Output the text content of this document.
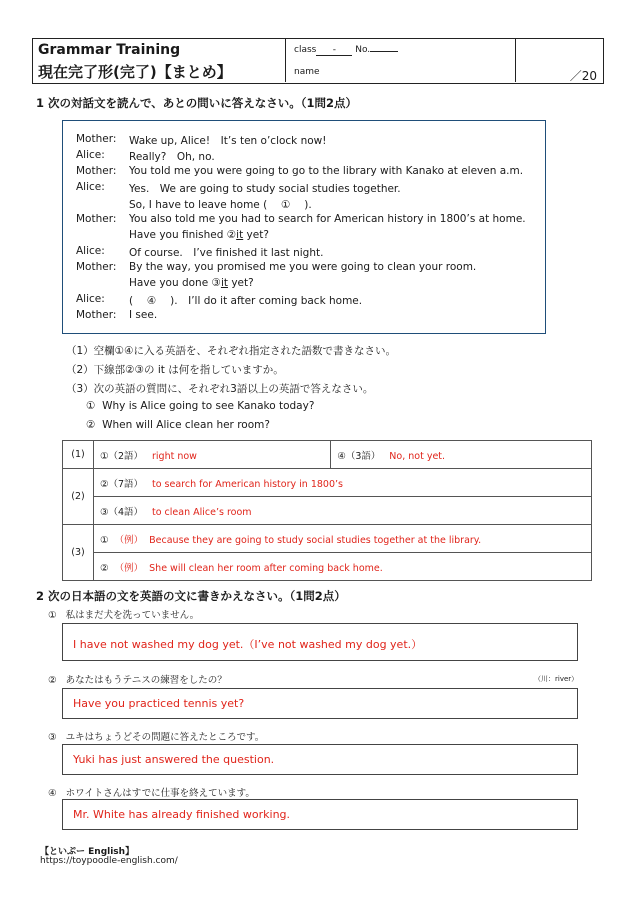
Grammar Training
現在完了形(完了)【まとめ】
class - No.
name	／20
1 次の対話文を読んで、あとの問いに答えなさい。（1問2点）
Mother: Wake up, Alice!　It’s ten o’clock now!
Alice: Really?　Oh, no.
Mother: You told me you were going to go to the library with Kanako at eleven a.m.
Alice: Yes.　We are going to study social studies together.
So, I have to leave home (　 ①　 ).
Mother: You also told me you had to search for American history in 1800’s at home.
Have you finished ②it yet?
Alice: Of course.　I’ve finished it last night.
Mother: By the way, you promised me you were going to clean your room.
Have you done ③it yet?
Alice: (　 ④　 ).　I’ll do it after coming back home.
Mother: I see.
（1）空欄①④に入る英語を、それぞれ指定された語数で書きなさい。
（2）下線部②③の it は何を指していますか。
（3）次の英語の質問に、それぞれ3語以上の英語で答えなさい。
① Why is Alice going to see Kanako today?
② When will Alice clean her room?
(1)	①（2語） right now	④（3語） No, not yet.
(2)	②（7語） to search for American history in 1800’s	
	③（4語） to clean Alice’s room	
(3)	① （例） Because they are going to study social studies together at the library.	
	② （例） She will clean her room after coming back home.	
2 次の日本語の文を英語の文に書きかえなさい。（1問2点）
① 私はまだ犬を洗っていません。
I have not washed my dog yet.（I’ve not washed my dog yet.）
② あなたはもうテニスの練習をしたの？	（川：river）
Have you practiced tennis yet?
③ ユキはちょうどその問題に答えたところです。
Yuki has just answered the question.
④ ホワイトさんはすでに仕事を終えています。
Mr. White has already finished working.
【といぷー English】
https://toypoodle-english.com/
